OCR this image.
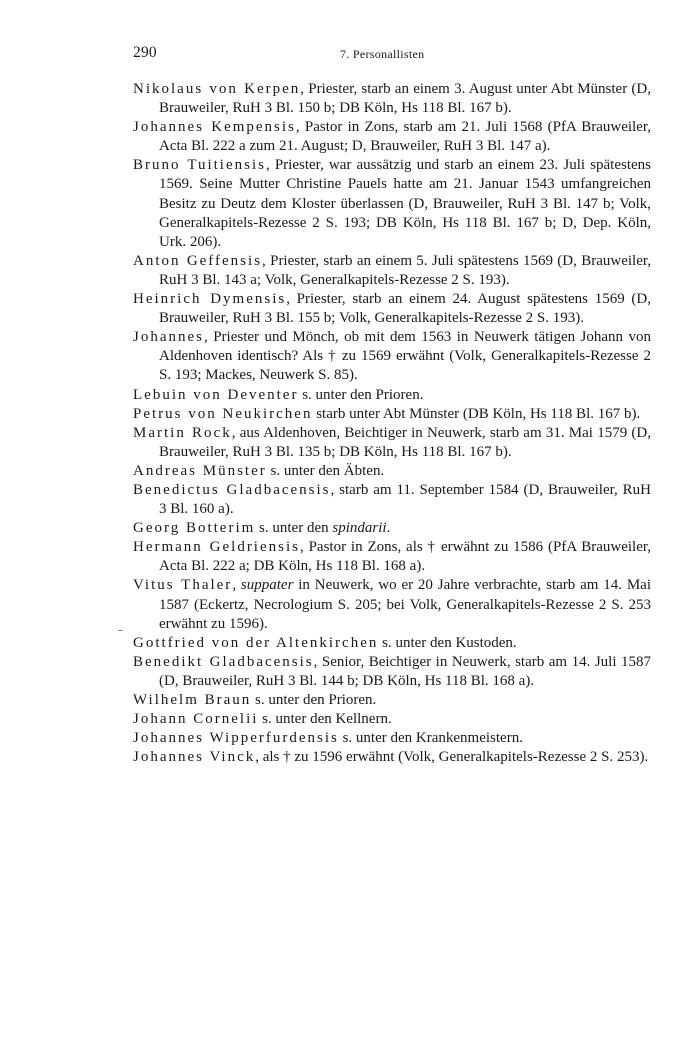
290	7. Personallisten

Nikolaus von Kerpen, Priester, starb an einem 3. August unter Abt Münster (D, Brauweiler, RuH 3 Bl. 150 b; DB Köln, Hs 118 Bl. 167 b).

Johannes Kempensis, Pastor in Zons, starb am 21. Juli 1568 (PfA Brauweiler, Acta Bl. 222 a zum 21. August; D, Brauweiler, RuH 3 Bl. 147 a).

Bruno Tuitiensis, Priester, war aussätzig und starb an einem 23. Juli spätestens 1569. Seine Mutter Christine Pauels hatte am 21. Januar 1543 umfangreichen Besitz zu Deutz dem Kloster überlassen (D, Brauweiler, RuH 3 Bl. 147 b; Volk, Generalkapitels-Rezesse 2 S. 193; DB Köln, Hs 118 Bl. 167 b; D, Dep. Köln, Urk. 206).

Anton Geffensis, Priester, starb an einem 5. Juli spätestens 1569 (D, Brauweiler, RuH 3 Bl. 143 a; Volk, Generalkapitels-Rezesse 2 S. 193).

Heinrich Dymensis, Priester, starb an einem 24. August spätestens 1569 (D, Brauweiler, RuH 3 Bl. 155 b; Volk, Generalkapitels-Rezesse 2 S. 193).

Johannes, Priester und Mönch, ob mit dem 1563 in Neuwerk tätigen Johann von Aldenhoven identisch? Als † zu 1569 erwähnt (Volk, Generalkapitels-Rezesse 2 S. 193; Mackes, Neuwerk S. 85).

Lebuin von Deventer s. unter den Prioren.

Petrus von Neukirchen starb unter Abt Münster (DB Köln, Hs 118 Bl. 167 b).

Martin Rock, aus Aldenhoven, Beichtiger in Neuwerk, starb am 31. Mai 1579 (D, Brauweiler, RuH 3 Bl. 135 b; DB Köln, Hs 118 Bl. 167 b).

Andreas Münster s. unter den Äbten.

Benedictus Gladbacensis, starb am 11. September 1584 (D, Brauweiler, RuH 3 Bl. 160 a).

Georg Botterim s. unter den spindarii.

Hermann Geldriensis, Pastor in Zons, als † erwähnt zu 1586 (PfA Brauweiler, Acta Bl. 222 a; DB Köln, Hs 118 Bl. 168 a).

Vitus Thaler, suppater in Neuwerk, wo er 20 Jahre verbrachte, starb am 14. Mai 1587 (Eckertz, Necrologium S. 205; bei Volk, Generalkapitels-Rezesse 2 S. 253 erwähnt zu 1596).

Gottfried von der Altenkirchen s. unter den Kustoden.

Benedikt Gladbacensis, Senior, Beichtiger in Neuwerk, starb am 14. Juli 1587 (D, Brauweiler, RuH 3 Bl. 144 b; DB Köln, Hs 118 Bl. 168 a).

Wilhelm Braun s. unter den Prioren.

Johann Cornelii s. unter den Kellnern.

Johannes Wipperfurdensis s. unter den Krankenmeistern.

Johannes Vinck, als † zu 1596 erwähnt (Volk, Generalkapitels-Rezesse 2 S. 253).
